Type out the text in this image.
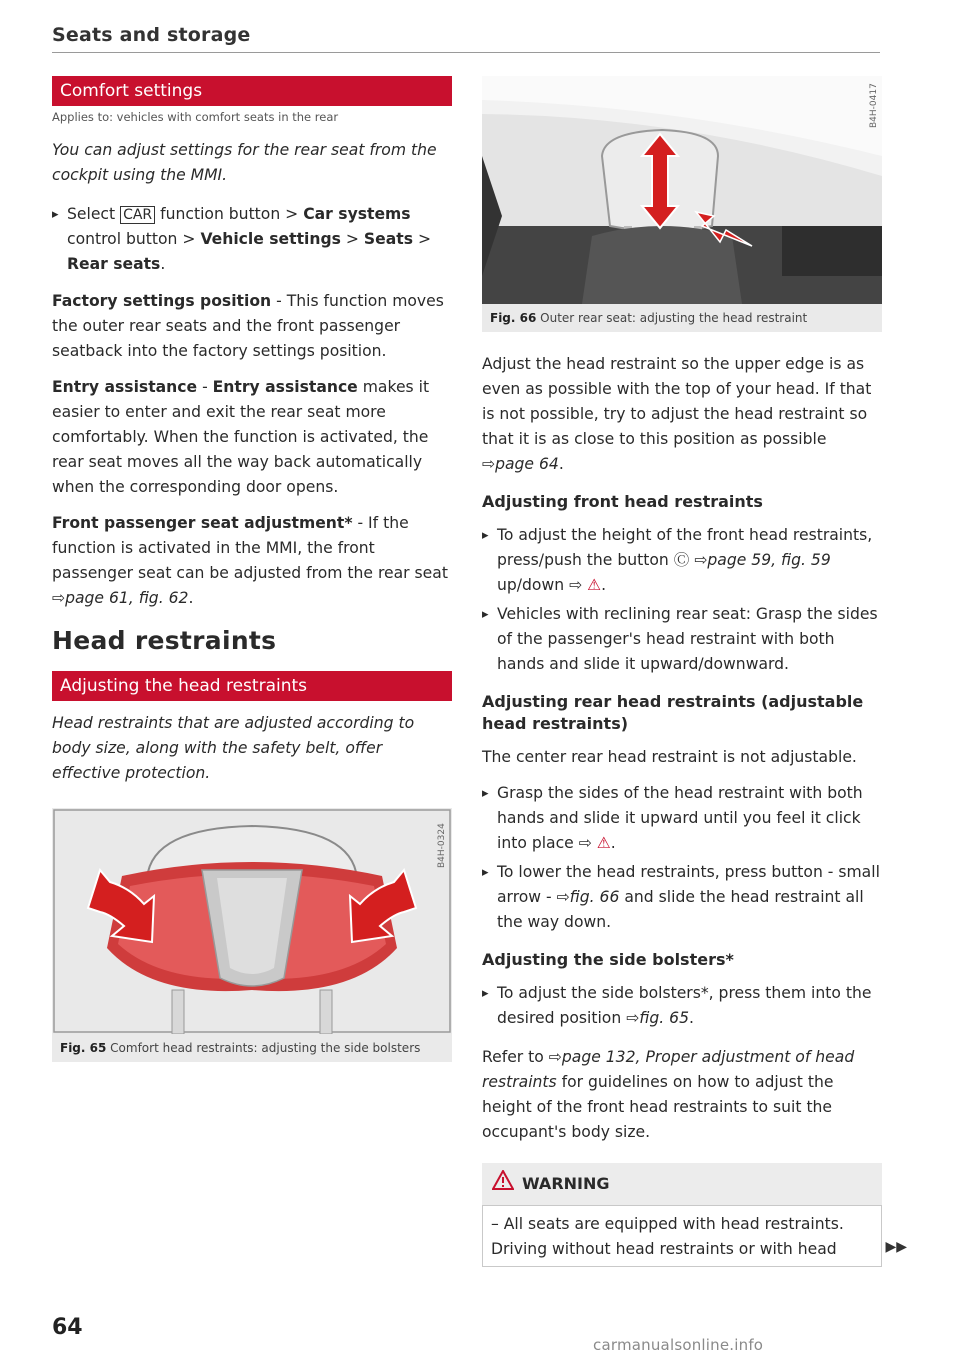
Seats and storage
Comfort settings
Applies to: vehicles with comfort seats in the rear

You can adjust settings for the rear seat from the cockpit using the MMI.

▸ Select CAR function button > Car systems control button > Vehicle settings > Seats > Rear seats.

Factory settings position - This function moves the outer rear seats and the front passenger seatback into the factory settings position.

Entry assistance - Entry assistance makes it easier to enter and exit the rear seat more comfortably. When the function is activated, the rear seat moves all the way back automatically when the corresponding door opens.

Front passenger seat adjustment* - If the function is activated in the MMI, the front passenger seat can be adjusted from the rear seat ⇨page 61, fig. 62.

Head restraints
Adjusting the head restraints

Head restraints that are adjusted according to body size, along with the safety belt, offer effective protection.

B4H-0324
Fig. 65 Comfort head restraints: adjusting the side bolsters
B4H-0417
Fig. 66 Outer rear seat: adjusting the head restraint

Adjust the head restraint so the upper edge is as even as possible with the top of your head. If that is not possible, try to adjust the head restraint so that it is as close to this position as possible ⇨page 64.

Adjusting front head restraints

▸ To adjust the height of the front head restraints, press/push the button Ⓒ ⇨page 59, fig. 59 up/down ⇨ ⚠.

▸ Vehicles with reclining rear seat: Grasp the sides of the passenger's head restraint with both hands and slide it upward/downward.

Adjusting rear head restraints (adjustable head restraints)

The center rear head restraint is not adjustable.

▸ Grasp the sides of the head restraint with both hands and slide it upward until you feel it click into place ⇨ ⚠.

▸ To lower the head restraints, press button - small arrow - ⇨fig. 66 and slide the head restraint all the way down.

Adjusting the side bolsters*

▸ To adjust the side bolsters*, press them into the desired position ⇨fig. 65.

Refer to ⇨page 132, Proper adjustment of head restraints for guidelines on how to adjust the height of the front head restraints to suit the occupant's body size.

WARNING
– All seats are equipped with head restraints. Driving without head restraints or with head	▶▶
64
carmanualsonline.info
